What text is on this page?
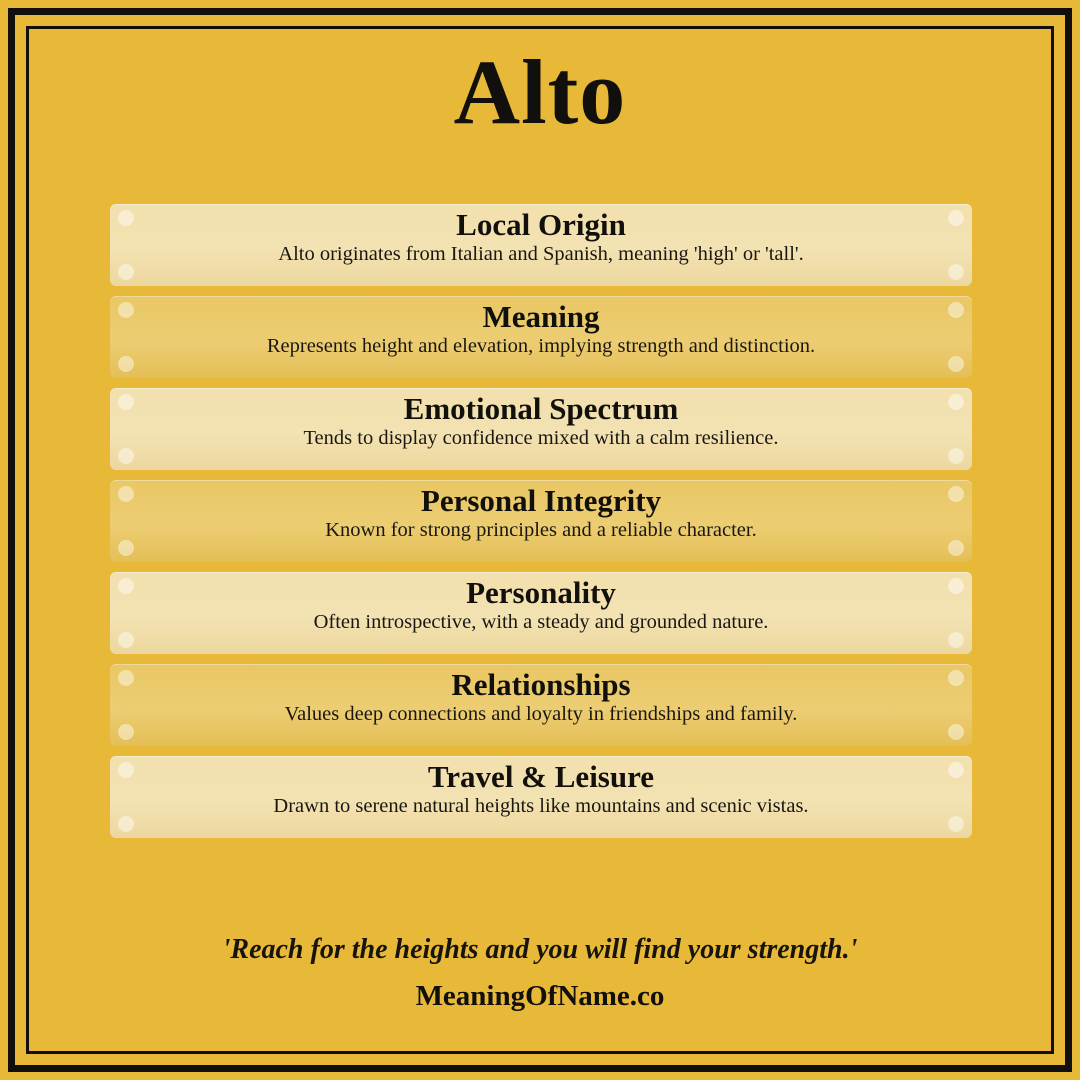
Alto
Local Origin
Alto originates from Italian and Spanish, meaning 'high' or 'tall'.
Meaning
Represents height and elevation, implying strength and distinction.
Emotional Spectrum
Tends to display confidence mixed with a calm resilience.
Personal Integrity
Known for strong principles and a reliable character.
Personality
Often introspective, with a steady and grounded nature.
Relationships
Values deep connections and loyalty in friendships and family.
Travel & Leisure
Drawn to serene natural heights like mountains and scenic vistas.
'Reach for the heights and you will find your strength.'
MeaningOfName.co
